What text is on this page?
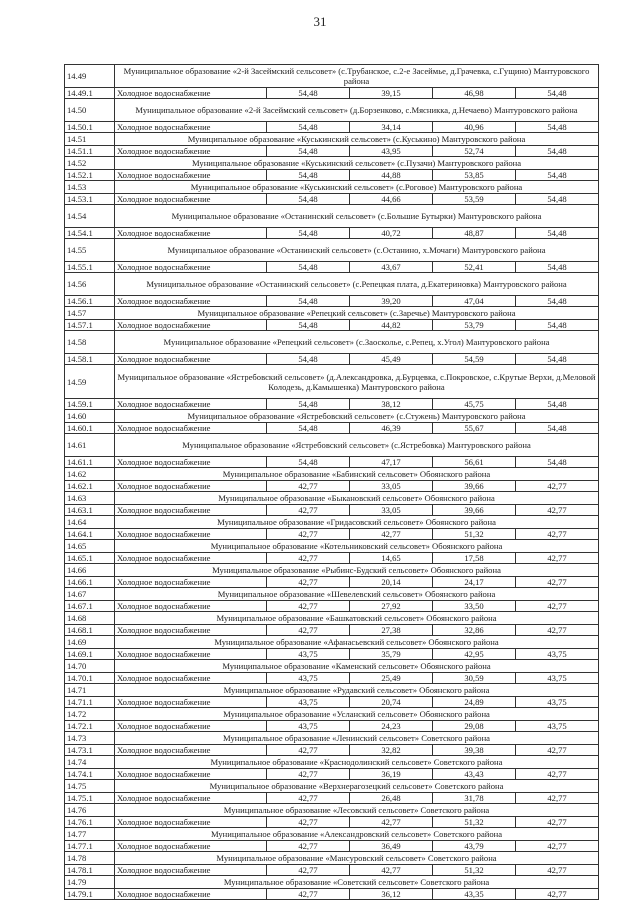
31
14.49	Муниципальное образование «2-й Засеймский сельсовет» (с.Трубанское, с.2-е Засеймье, д.Грачевка, с.Гущино) Мантуровского района				
14.49.1	Холодное водоснабжение	54,48	39,15	46,98	54,48
14.50	Муниципальное образование «2-й Засеймский сельсовет» (д.Борзенково, с.Мясникка, д.Нечаево) Мантуровского района				
14.50.1	Холодное водоснабжение	54,48	34,14	40,96	54,48
14.51	Муниципальное образование «Куськинский сельсовет» (с.Куськино) Мантуровского района				
14.51.1	Холодное водоснабжение	54,48	43,95	52,74	54,48
14.52	Муниципальное образование «Куськинский сельсовет» (с.Пузачи) Мантуровского района				
14.52.1	Холодное водоснабжение	54,48	44,88	53,85	54,48
14.53	Муниципальное образование «Куськинский сельсовет» (с.Роговое) Мантуровского района				
14.53.1	Холодное водоснабжение	54,48	44,66	53,59	54,48
14.54	Муниципальное образование «Останинский сельсовет» (с.Большие Бутырки) Мантуровского района				
14.54.1	Холодное водоснабжение	54,48	40,72	48,87	54,48
14.55	Муниципальное образование «Останинский сельсовет» (с.Останино, х.Мочаги) Мантуровского района				
14.55.1	Холодное водоснабжение	54,48	43,67	52,41	54,48
14.56	Муниципальное образование «Останинский сельсовет» (с.Репецкая плата, д.Екатериновка) Мантуровского района				
14.56.1	Холодное водоснабжение	54,48	39,20	47,04	54,48
14.57	Муниципальное образование «Репецкий сельсовет» (с.Заречье) Мантуровского района				
14.57.1	Холодное водоснабжение	54,48	44,82	53,79	54,48
14.58	Муниципальное образование «Репецкий сельсовет» (с.Заосколье, с.Репец, х.Угол) Мантуровского района				
14.58.1	Холодное водоснабжение	54,48	45,49	54,59	54,48
14.59	Муниципальное образование «Ястребовский сельсовет» (д.Александровка, д.Бурцевка, с.Покровское, с.Крутые Верхи, д.Меловой Колодезь, д.Камышенка) Мантуровского района				
14.59.1	Холодное водоснабжение	54,48	38,12	45,75	54,48
14.60	Муниципальное образование «Ястребовский сельсовет» (с.Стужень) Мантуровского района				
14.60.1	Холодное водоснабжение	54,48	46,39	55,67	54,48
14.61	Муниципальное образование «Ястребовский сельсовет» (с.Ястребовка) Мантуровского района				
14.61.1	Холодное водоснабжение	54,48	47,17	56,61	54,48
14.62	Муниципальное образование «Бабинский сельсовет» Обоянского района				
14.62.1	Холодное водоснабжение	42,77	33,05	39,66	42,77
14.63	Муниципальное образование «Быкановский сельсовет» Обоянского района				
14.63.1	Холодное водоснабжение	42,77	33,05	39,66	42,77
14.64	Муниципальное образование «Гридасовский сельсовет» Обоянского района				
14.64.1	Холодное водоснабжение	42,77	42,77	51,32	42,77
14.65	Муниципальное образование «Котельниковский сельсовет» Обоянского района				
14.65.1	Холодное водоснабжение	42,77	14,65	17,58	42,77
14.66	Муниципальное образование «Рыбинс-Будский сельсовет» Обоянского района				
14.66.1	Холодное водоснабжение	42,77	20,14	24,17	42,77
14.67	Муниципальное образование «Шевелевский сельсовет» Обоянского района				
14.67.1	Холодное водоснабжение	42,77	27,92	33,50	42,77
14.68	Муниципальное образование «Башкатовский сельсовет» Обоянского района				
14.68.1	Холодное водоснабжение	42,77	27,38	32,86	42,77
14.69	Муниципальное образование «Афанасьевский сельсовет» Обоянского района				
14.69.1	Холодное водоснабжение	43,75	35,79	42,95	43,75
14.70	Муниципальное образование «Каменский сельсовет» Обоянского района				
14.70.1	Холодное водоснабжение	43,75	25,49	30,59	43,75
14.71	Муниципальное образование «Рудавский сельсовет» Обоянского района				
14.71.1	Холодное водоснабжение	43,75	20,74	24,89	43,75
14.72	Муниципальное образование «Усланский сельсовет» Обоянского района				
14.72.1	Холодное водоснабжение	43,75	24,23	29,08	43,75
14.73	Муниципальное образование «Ленинский сельсовет» Советского района				
14.73.1	Холодное водоснабжение	42,77	32,82	39,38	42,77
14.74	Муниципальное образование «Краснодолинский сельсовет» Советского района				
14.74.1	Холодное водоснабжение	42,77	36,19	43,43	42,77
14.75	Муниципальное образование «Верхнерагозецкий сельсовет» Советского района				
14.75.1	Холодное водоснабжение	42,77	26,48	31,78	42,77
14.76	Муниципальное образование «Лесовский сельсовет» Советского района				
14.76.1	Холодное водоснабжение	42,77	42,77	51,32	42,77
14.77	Муниципальное образование «Александровский сельсовет» Советского района				
14.77.1	Холодное водоснабжение	42,77	36,49	43,79	42,77
14.78	Муниципальное образование «Мансуровский сельсовет» Советского района				
14.78.1	Холодное водоснабжение	42,77	42,77	51,32	42,77
14.79	Муниципальное образование «Советский сельсовет» Советского района				
14.79.1	Холодное водоснабжение	42,77	36,12	43,35	42,77
